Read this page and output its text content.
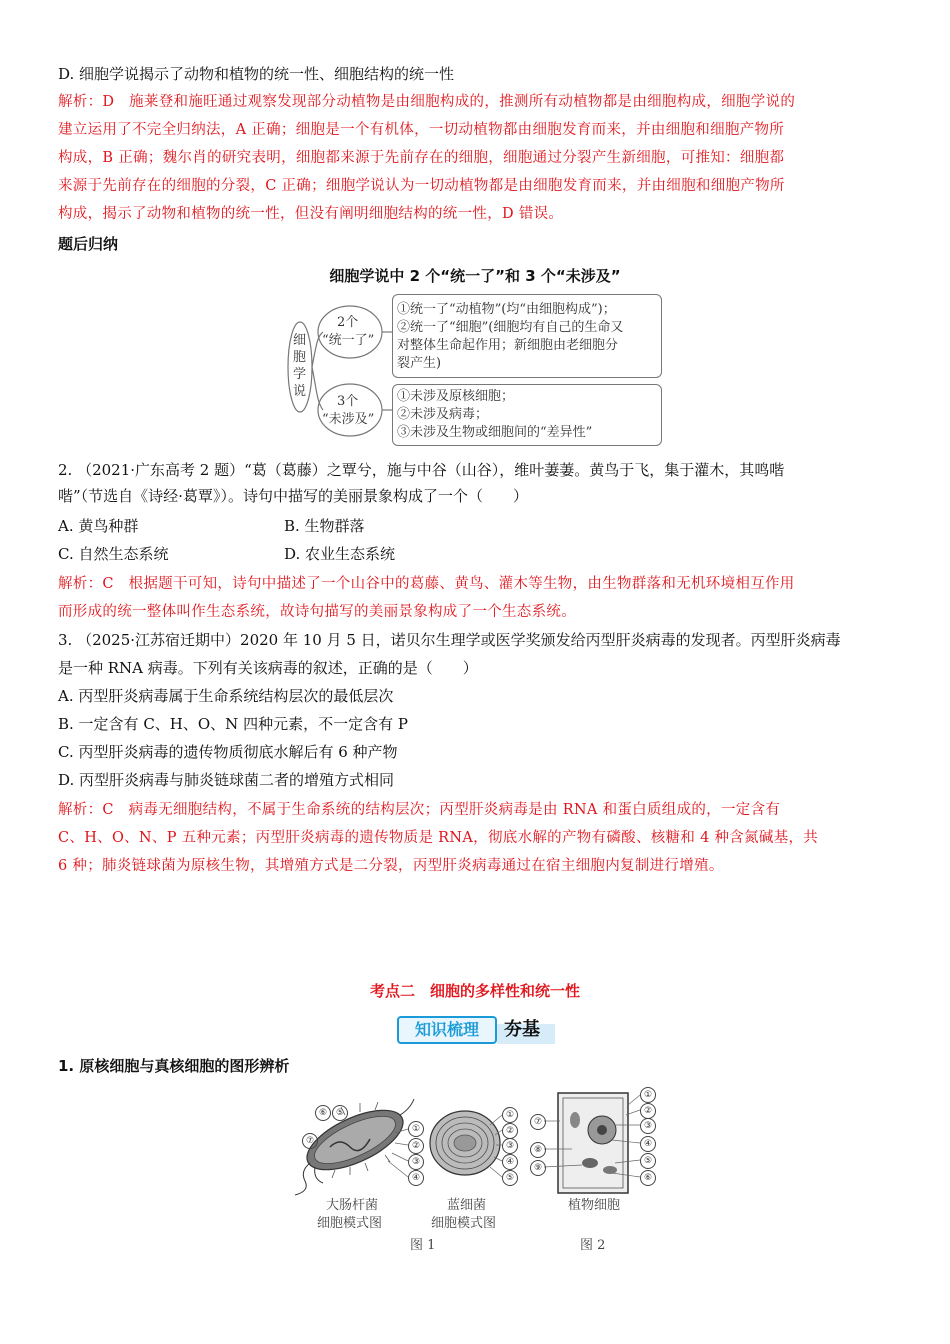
D. 细胞学说揭示了动物和植物的统一性、细胞结构的统一性
解析：D　施莱登和施旺通过观察发现部分动植物是由细胞构成的，推测所有动植物都是由细胞构成，细胞学说的
建立运用了不完全归纳法，A 正确；细胞是一个有机体，一切动植物都由细胞发育而来，并由细胞和细胞产物所
构成，B 正确；魏尔肖的研究表明，细胞都来源于先前存在的细胞，细胞通过分裂产生新细胞，可推知：细胞都
来源于先前存在的细胞的分裂，C 正确；细胞学说认为一切动植物都是由细胞发育而来，并由细胞和细胞产物所
构成，揭示了动物和植物的统一性，但没有阐明细胞结构的统一性，D 错误。
题后归纳
细胞学说中 2 个“统一了”和 3 个“未涉及”
细胞学说
2个
“统一了”
3个
“未涉及”
①统一了“动植物”(均“由细胞构成”)；
②统一了“细胞”(细胞均有自己的生命又
对整体生命起作用；新细胞由老细胞分
裂产生)
①未涉及原核细胞；
②未涉及病毒；
③未涉及生物或细胞间的“差异性”
2. （2021·广东高考 2 题）“葛（葛藤）之覃兮，施与中谷（山谷），维叶萋萋。黄鸟于飞，集于灌木，其鸣喈
喈”（节选自《诗经·葛覃》）。诗句中描写的美丽景象构成了一个（　　）
A. 黄鸟种群	B. 生物群落
C. 自然生态系统	D. 农业生态系统
解析：C　根据题干可知，诗句中描述了一个山谷中的葛藤、黄鸟、灌木等生物，由生物群落和无机环境相互作用
而形成的统一整体叫作生态系统，故诗句描写的美丽景象构成了一个生态系统。
3. （2025·江苏宿迁期中）2020 年 10 月 5 日，诺贝尔生理学或医学奖颁发给丙型肝炎病毒的发现者。丙型肝炎病毒
是一种 RNA 病毒。下列有关该病毒的叙述，正确的是（　　）
A. 丙型肝炎病毒属于生命系统结构层次的最低层次
B. 一定含有 C、H、O、N 四种元素，不一定含有 P
C. 丙型肝炎病毒的遗传物质彻底水解后有 6 种产物
D. 丙型肝炎病毒与肺炎链球菌二者的增殖方式相同
解析：C　病毒无细胞结构，不属于生命系统的结构层次；丙型肝炎病毒是由 RNA 和蛋白质组成的，一定含有
C、H、O、N、P 五种元素；丙型肝炎病毒的遗传物质是 RNA，彻底水解的产物有磷酸、核糖和 4 种含氮碱基，共
6 种；肺炎链球菌为原核生物，其增殖方式是二分裂，丙型肝炎病毒通过在宿主细胞内复制进行增殖。
考点二　细胞的多样性和统一性
知识梳理	夯基
1. 原核细胞与真核细胞的图形辨析
①
②
③
④
⑤
⑥
⑦
①
②
③
④
⑤
①
②
③
④
⑤
⑥
⑦
⑧
⑨
大肠杆菌
细胞模式图
蓝细菌
细胞模式图
植物细胞
图 1	图 2
